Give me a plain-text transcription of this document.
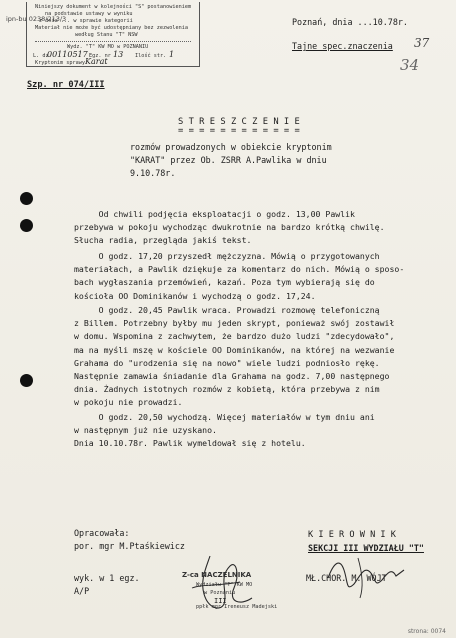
ipn-bu 0238/213/3
Niniejszy dokument w kolejności "S" postanowieniem
na podstawie ustawy w wyniku
z dnia ... w sprawie kategorii
Materiał nie może być udostępniany bez zezwolenia
według Stanu "T" NSW
Wydz. "T" KW MO w POZNANIU
L. dz.
00110517 Egz. nr 13 Ilość str. 1
Kryptonim sprawy Karat
Szp. nr 074/III
Poznań, dnia ...10.78r.
Tajne spec.znaczenia 37
34
S T R E S Z C Z E N I E
= = = = = = = = = = = =
rozmów prowadzonych w obiekcie kryptonim
"KARAT" przez Ob. ZSRR A.Pawlika w dniu
9.10.78r.
Od chwili podjęcia eksploatacji o godz. 13,00 Pawlik
przebywa w pokoju wychodząc dwukrotnie na bardzo krótką chwilę.
Słucha radia, przegląda jakiś tekst.
O godz. 17,20 przyszedł mężczyzna. Mówią o przygotowanych
materiałach, a Pawlik dziękuje za komentarz do nich. Mówią o sposo-
bach wygłaszania przemówień, kazań. Poza tym wybierają się do
kościoła OO Dominikanów i wychodzą o godz. 17,24.
O godz. 20,45 Pawlik wraca. Prowadzi rozmowę telefoniczną
z Billem. Potrzebny byłby mu jeden skrypt, ponieważ swój zostawił
w domu. Wspomina z zachwytem, że bardzo dużo ludzi "zdecydowało",
ma na myśli mszę w kościele OO Dominikanów, na której na wezwanie
Grahama do "urodzenia się na nowo" wiele ludzi podniosło rękę.
Następnie zamawia śniadanie dla Grahama na godz. 7,00 następnego
dnia. Żadnych istotnych rozmów z kobietą, która przebywa z nim
w pokoju nie prowadzi.
O godz. 20,50 wychodzą. Więcej materiałów w tym dniu ani
w następnym już nie uzyskano.
Dnia 10.10.78r. Pawlik wymeldował się z hotelu.
Opracowała:
por. mgr M.Ptaśkiewicz
wyk. w 1 egz.
A/P
K I E R O W N I K
SEKCJI III WYDZIAŁU "T"
MŁ.CHOR. M. WÓJT
Z-ca NACZELNIKA
Wydziału "T" KW MO
w Poznaniu
III
ppłk mgr Ireneusz Madejski
strona: 0074
